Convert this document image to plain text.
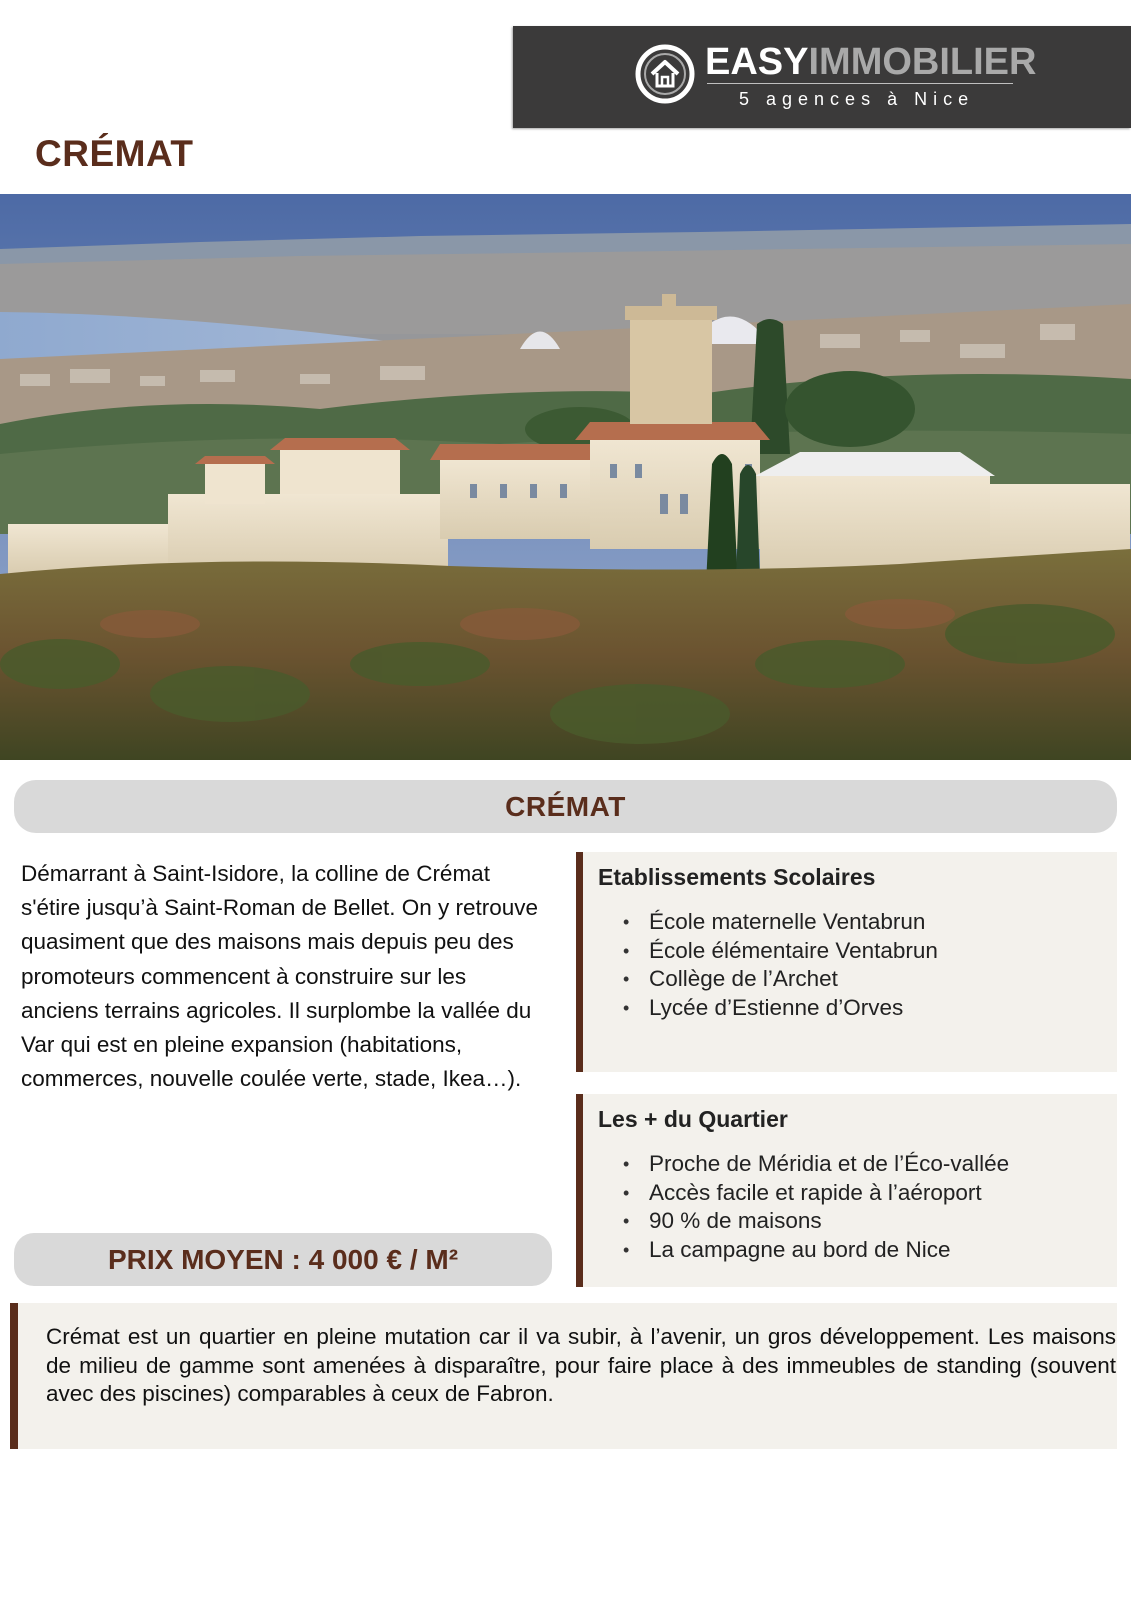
EASYIMMOBILIER
5 agences à Nice
CRÉMAT
CRÉMAT

Démarrant à Saint-Isidore, la colline de Crémat s'étire jusqu’à Saint-Roman de Bellet. On y retrouve quasiment que des maisons mais depuis peu des promoteurs commencent à construire sur les anciens terrains agricoles. Il surplombe la vallée du Var qui est en pleine expansion (habitations, commerces, nouvelle coulée verte, stade, Ikea…).

PRIX MOYEN : 4 000 € / M²
Etablissements Scolaires
• École maternelle Ventabrun
• École élémentaire Ventabrun
• Collège de l’Archet
• Lycée d’Estienne d’Orves
Les + du Quartier
• Proche de Méridia et de l’Éco-vallée
• Accès facile et rapide à l’aéroport
• 90 % de maisons
• La campagne au bord de Nice

Crémat est un quartier en pleine mutation car il va subir, à l’avenir, un gros développement. Les maisons de milieu de gamme sont amenées à disparaître, pour faire place à des immeubles de standing (souvent avec des piscines) comparables à ceux de Fabron.
